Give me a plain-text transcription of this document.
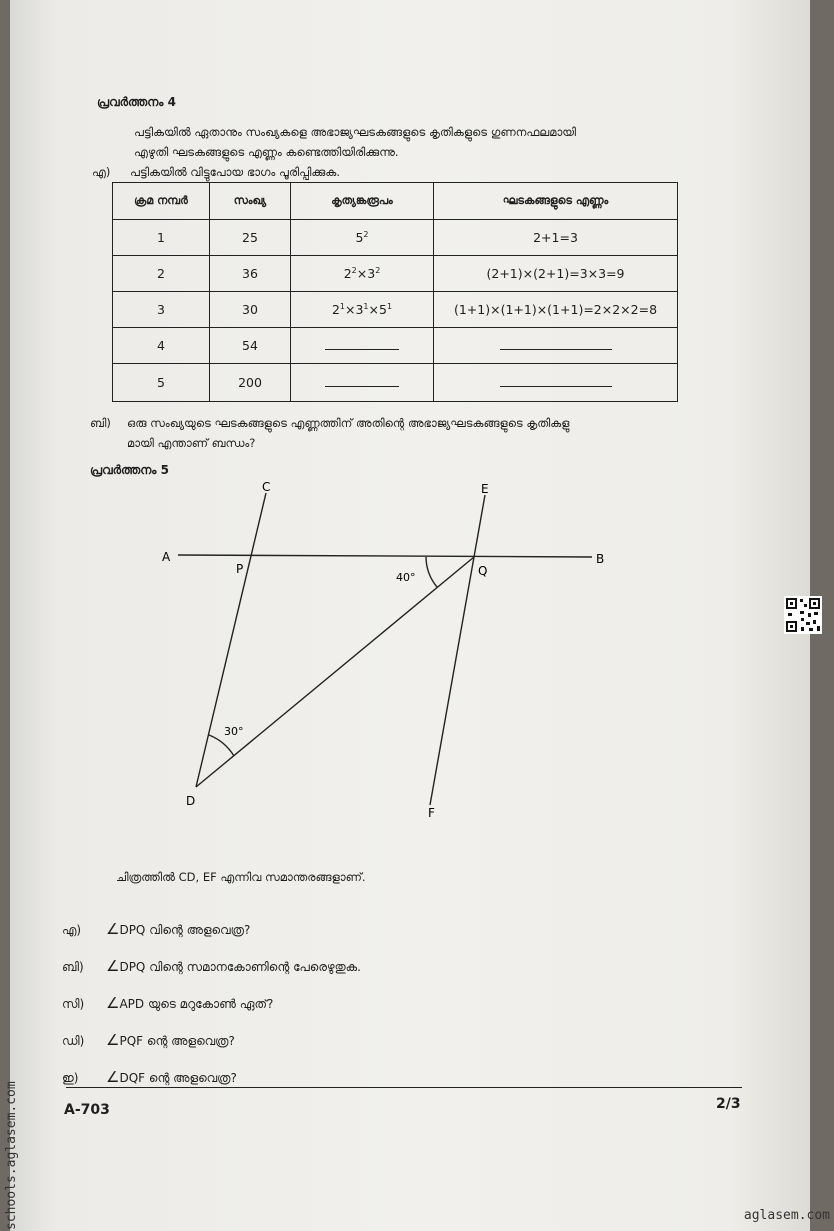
പ്രവർത്തനം 4
പട്ടികയിൽ ഏതാനും സംഖ്യകളെ അഭാജ്യഘടകങ്ങളുടെ കൃതികളുടെ ഗുണനഫലമായി
എഴുതി ഘടകങ്ങളുടെ എണ്ണം കണ്ടെത്തിയിരിക്കുന്നു.
എ) പട്ടികയിൽ വിട്ടുപോയ ഭാഗം പൂരിപ്പിക്കുക.
ക്രമ നമ്പർ	സംഖ്യ	കൃത്യങ്കരൂപം	ഘടകങ്ങളുടെ എണ്ണം
1	25	$5^2$	2+1=3
2	36	$2^2\times 3^2$	(2+1)×(2+1)=3×3=9
3	30	$2^1\times 3^1\times 5^1$	(1+1)×(1+1)×(1+1)=2×2×2=8
4	54		
5	200		
ബി) ഒരു സംഖ്യയുടെ ഘടകങ്ങളുടെ എണ്ണത്തിന് അതിന്റെ അഭാജ്യഘടകങ്ങളുടെ കൃതികളു
മായി എന്താണ് ബന്ധം?
പ്രവർത്തനം 5
A	B
C
D
E
F
P	Q
40°
30°
ചിത്രത്തിൽ CD, EF എന്നിവ സമാന്തരങ്ങളാണ്.
എ) ∠DPQ വിന്റെ അളവെത്ര?
ബി) ∠DPQ വിന്റെ സമാനകോണിന്റെ പേരെഴുതുക.
സി) ∠APD യുടെ മറുകോൺ ഏത്?
ഡി) ∠PQF ന്റെ അളവെത്ര?
ഇ) ∠DQF ന്റെ അളവെത്ര?
A-703	2/3
schools.aglasem.com	aglasem.com
